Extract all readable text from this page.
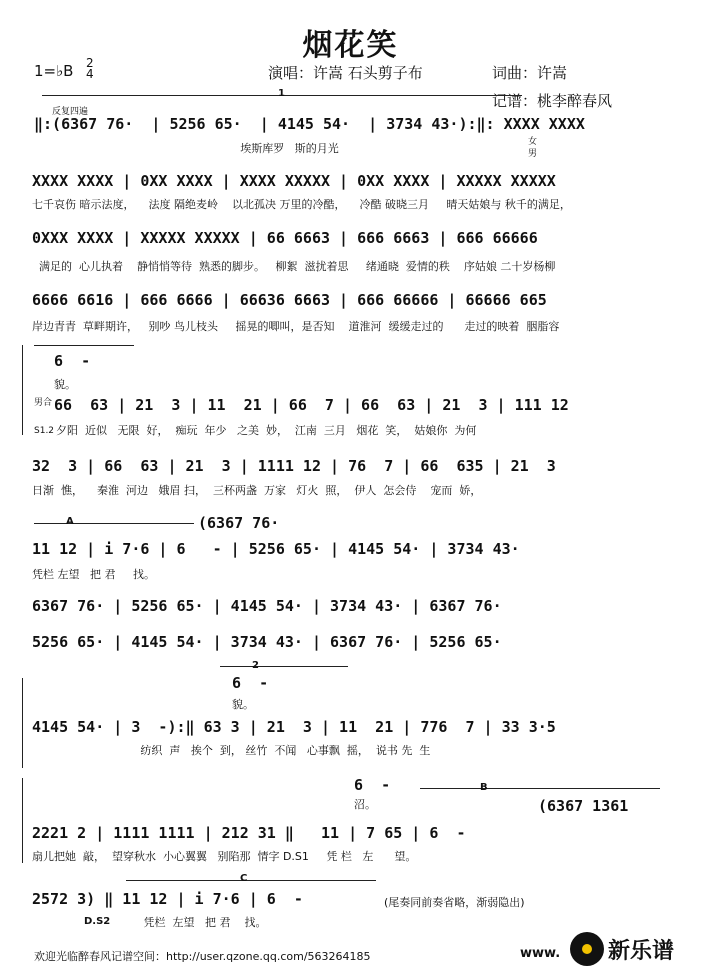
烟花笑
1=♭B 2
4	演唱：许嵩 石头剪子布	词曲：许嵩
记谱：桃李醉春风
反复四遍
1
‖:(6367 76·  | 5256 65·  | 4145 54·  | 3734 43·):‖: XXXX XXXX
埃斯库罗   斯的月光	女
男
XXXX XXXX | 0XX XXXX | XXXX XXXXX | 0XX XXXX | XXXXX XXXXX
七千哀伤 暗示法度，    法度 隔绝麦岭    以北孤决 万里的冷酷，    冷酷 破晓三月     晴天姑娘与 秋千的满足，
0XXX XXXX | XXXXX XXXXX | 66 6663 | 666 6663 | 666 66666
满足的  心儿执着    静悄悄等待  熟悉的脚步。   柳絮  滋扰着思     绪通晓  爱情的秩    序姑娘 二十岁杨柳
6666 6616 | 666 6666 | 66636 6663 | 666 66666 | 66666 665
岸边青青  草畔期许，   别吵 鸟儿枝头     摇晃的唧叫，是否知    道淮河  缓缓走过的      走过的映着  胭脂容
6  -
貌。
男合 66  63 | 21  3 | 11  21 | 66  7 | 66  63 | 21  3 | 111 12
S1.2 夕阳  近似   无限  好，  痴玩  年少   之美  妙，  江南  三月   烟花  笑，  姑娘你  为何
32  3 | 66  63 | 21  3 | 1111 12 | 76  7 | 66  635 | 21  3
日渐  憔，    秦淮  河边   娥眉 扫，  三杯两盏  万家   灯火  照，  伊人  怎会侍    宠而  娇，
A	(6367 76·
11 12 | i 7·6 | 6   - | 5256 65· | 4145 54· | 3734 43·
凭栏 左望   把 君     找。
6367 76· | 5256 65· | 4145 54· | 3734 43· | 6367 76·
5256 65· | 4145 54· | 3734 43· | 6367 76· | 5256 65·
2
6  -
貌。
4145 54· | 3  -):‖ 63 3 | 21  3 | 11  21 | 776  7 | 33 3·5
纺织  声   挨个  到， 丝竹  不闻   心事飘  摇，  说书 先  生
B
6  -
沼。	(6367 1361
2221 2 | 1111 1111 | 212 31 ‖   11 | 7 65 | 6  -
扇儿把她  敲，  望穿秋水  小心翼翼   别陷那  情字 D.S1     凭 栏   左      望。
C
2572 3) ‖ 11 12 | i 7·6 | 6  -
D.S2 凭栏  左望   把 君    找。
(尾奏同前奏省略，渐弱隐出)
欢迎光临醉春风记谱空间：http://user.qzone.qq.com/563264185	新乐谱
www.
